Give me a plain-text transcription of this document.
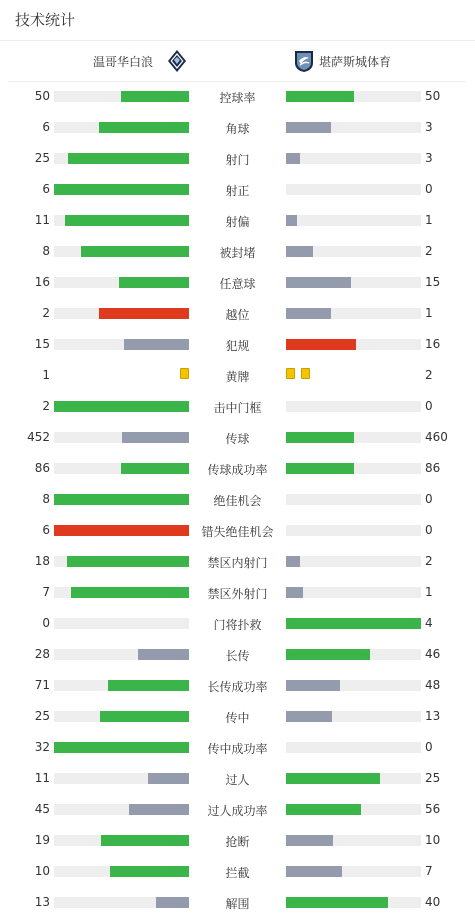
技术统计
温哥华白浪	堪萨斯城体育
50	控球率	50
6	角球	3
25	射门	3
6	射正	0
11	射偏	1
8	被封堵	2
16	任意球	15
2	越位	1
15	犯规	16
1	黄牌	2
2	击中门框	0
452	传球	460
86	传球成功率	86
8	绝佳机会	0
6	错失绝佳机会	0
18	禁区内射门	2
7	禁区外射门	1
0	门将扑救	4
28	长传	46
71	长传成功率	48
25	传中	13
32	传中成功率	0
11	过人	25
45	过人成功率	56
19	抢断	10
10	拦截	7
13	解围	40
